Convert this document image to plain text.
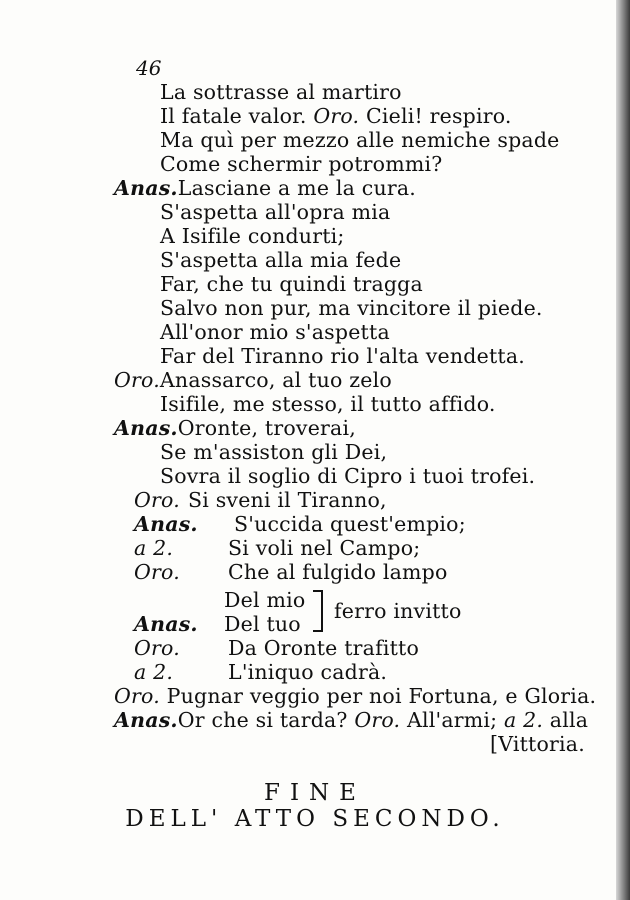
46
La sottrasse al martiro
Il fatale valor. Oro. Cieli! respiro.
Ma quì per mezzo alle nemiche spade
Come schermir potrommi?
Anas.Lasciane a me la cura.
S'aspetta all'opra mia
A Isifile condurti;
S'aspetta alla mia fede
Far, che tu quindi tragga
Salvo non pur, ma vincitore il piede.
All'onor mio s'aspetta
Far del Tiranno rio l'alta vendetta.
Oro.Anassarco, al tuo zelo
Isifile, me stesso, il tutto affido.
Anas.Oronte, troverai,
Se m'assiston gli Dei,
Sovra il soglio di Cipro i tuoi trofei.
Oro. Si sveni il Tiranno,
Anas. S'uccida quest'empio;
a 2.	Si voli nel Campo;
Oro. Che al fulgido lampo
Del mio
Anas. Del tuo
ferro invitto
Oro. Da Oronte trafitto
a 2.	L'iniquo cadrà.
Oro. Pugnar veggio per noi Fortuna, e Gloria.
Anas.Or che si tarda? Oro. All'armi; a 2. alla
[Vittoria.
FINE
DELL' ATTO SECONDO.
